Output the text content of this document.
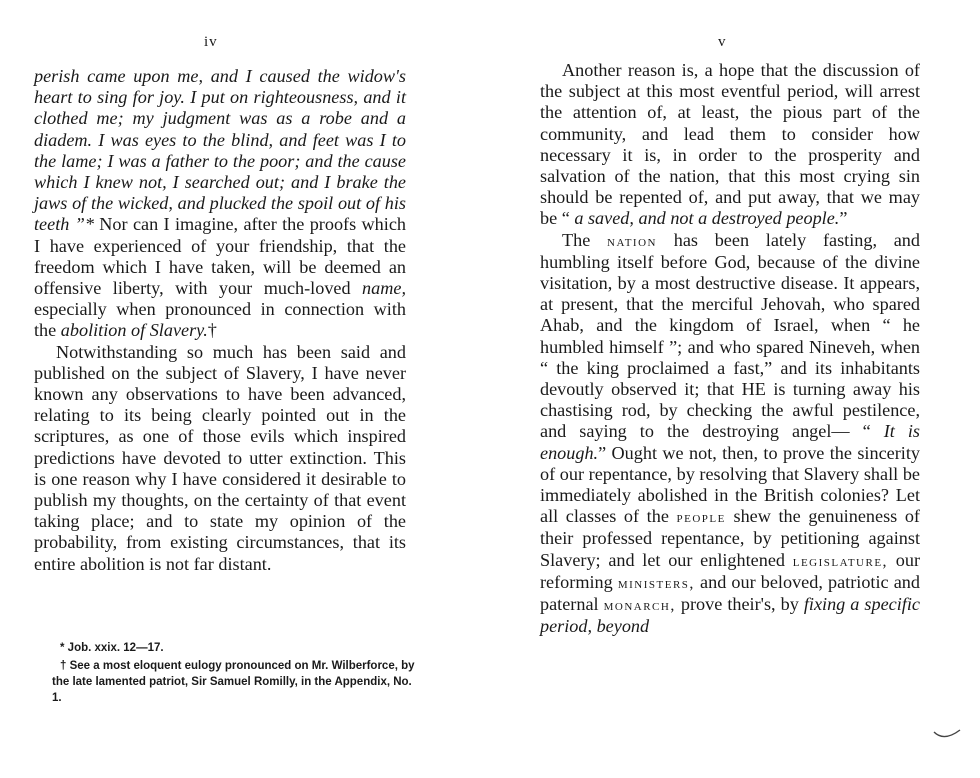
iv

perish came upon me, and I caused the widow's heart to sing for joy. I put on righteousness, and it clothed me; my judgment was as a robe and a diadem. I was eyes to the blind, and feet was I to the lame; I was a father to the poor; and the cause which I knew not, I searched out; and I brake the jaws of the wicked, and plucked the spoil out of his teeth ”* Nor can I imagine, after the proofs which I have experienced of your friendship, that the freedom which I have taken, will be deemed an offensive liberty, with your much-loved name, especially when pronounced in connection with the abolition of Slavery.†

Notwithstanding so much has been said and published on the subject of Slavery, I have never known any observations to have been advanced, relating to its being clearly pointed out in the scriptures, as one of those evils which inspired predictions have devoted to utter extinction. This is one reason why I have considered it desirable to publish my thoughts, on the certainty of that event taking place; and to state my opinion of the probability, from existing circumstances, that its entire abolition is not far distant.

* Job. xxix. 12—17.

† See a most eloquent eulogy pronounced on Mr. Wilberforce, by the late lamented patriot, Sir Samuel Romilly, in the Appendix, No. 1.

v

Another reason is, a hope that the discussion of the subject at this most eventful period, will arrest the attention of, at least, the pious part of the community, and lead them to consider how necessary it is, in order to the prosperity and salvation of the nation, that this most crying sin should be repented of, and put away, that we may be “ a saved, and not a destroyed people.”

The nation has been lately fasting, and humbling itself before God, because of the divine visitation, by a most destructive disease. It appears, at present, that the merciful Jehovah, who spared Ahab, and the kingdom of Israel, when “ he humbled himself ”; and who spared Nineveh, when “ the king proclaimed a fast,” and its inhabitants devoutly observed it; that HE is turning away his chastising rod, by checking the awful pestilence, and saying to the destroying angel— “ It is enough.” Ought we not, then, to prove the sincerity of our repentance, by resolving that Slavery shall be immediately abolished in the British colonies? Let all classes of the people shew the genuineness of their professed repentance, by petitioning against Slavery; and let our enlightened legislature, our reforming ministers, and our beloved, patriotic and paternal monarch, prove their's, by fixing a specific period, beyond
